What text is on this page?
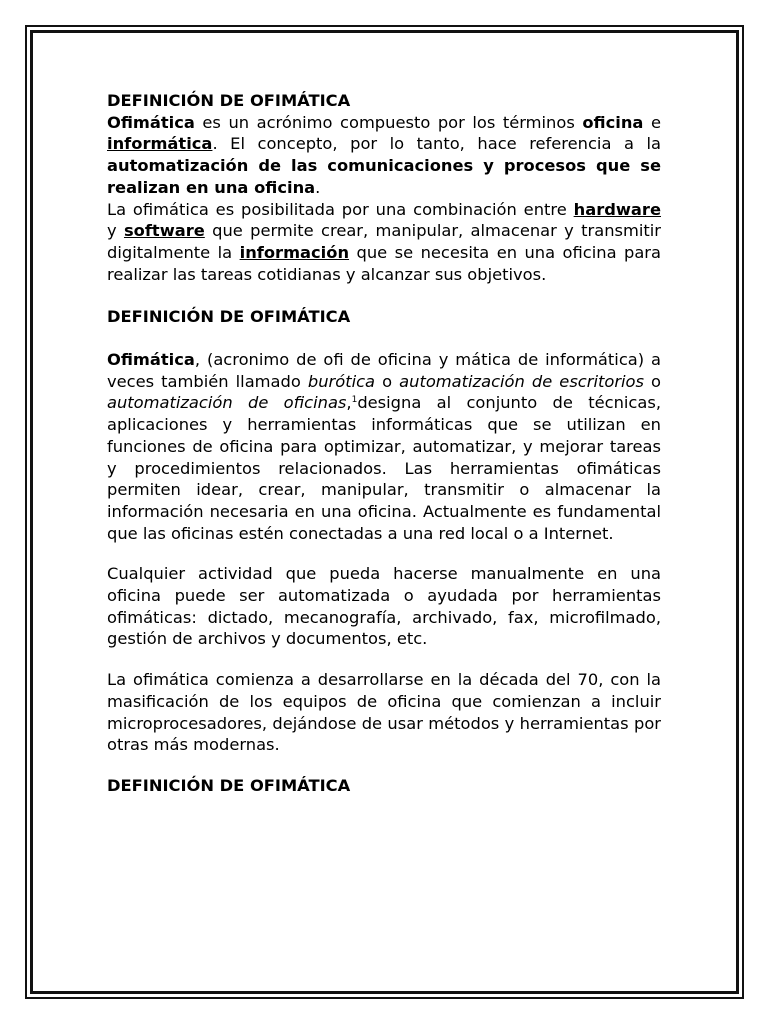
DEFINICIÓN DE OFIMÁTICA

Ofimática es un acrónimo compuesto por los términos oficina e informática. El concepto, por lo tanto, hace referencia a la automatización de las comunicaciones y procesos que se realizan en una oficina.

La ofimática es posibilitada por una combinación entre hardware y software que permite crear, manipular, almacenar y transmitir digitalmente la información que se necesita en una oficina para realizar las tareas cotidianas y alcanzar sus objetivos.

DEFINICIÓN DE OFIMÁTICA

Ofimática, (acronimo de ofi de oficina y mática de informática) a veces también llamado burótica o automatización de escritorios o automatización de oficinas,$^1$designa al conjunto de técnicas, aplicaciones y herramientas informáticas que se utilizan en funciones de oficina para optimizar, automatizar, y mejorar tareas y procedimientos relacionados. Las herramientas ofimáticas permiten idear, crear, manipular, transmitir o almacenar la información necesaria en una oficina. Actualmente es fundamental que las oficinas estén conectadas a una red local o a Internet.

Cualquier actividad que pueda hacerse manualmente en una oficina puede ser automatizada o ayudada por herramientas ofimáticas: dictado, mecanografía, archivado, fax, microfilmado, gestión de archivos y documentos, etc.

La ofimática comienza a desarrollarse en la década del 70, con la masificación de los equipos de oficina que comienzan a incluir microprocesadores, dejándose de usar métodos y herramientas por otras más modernas.

DEFINICIÓN DE OFIMÁTICA
